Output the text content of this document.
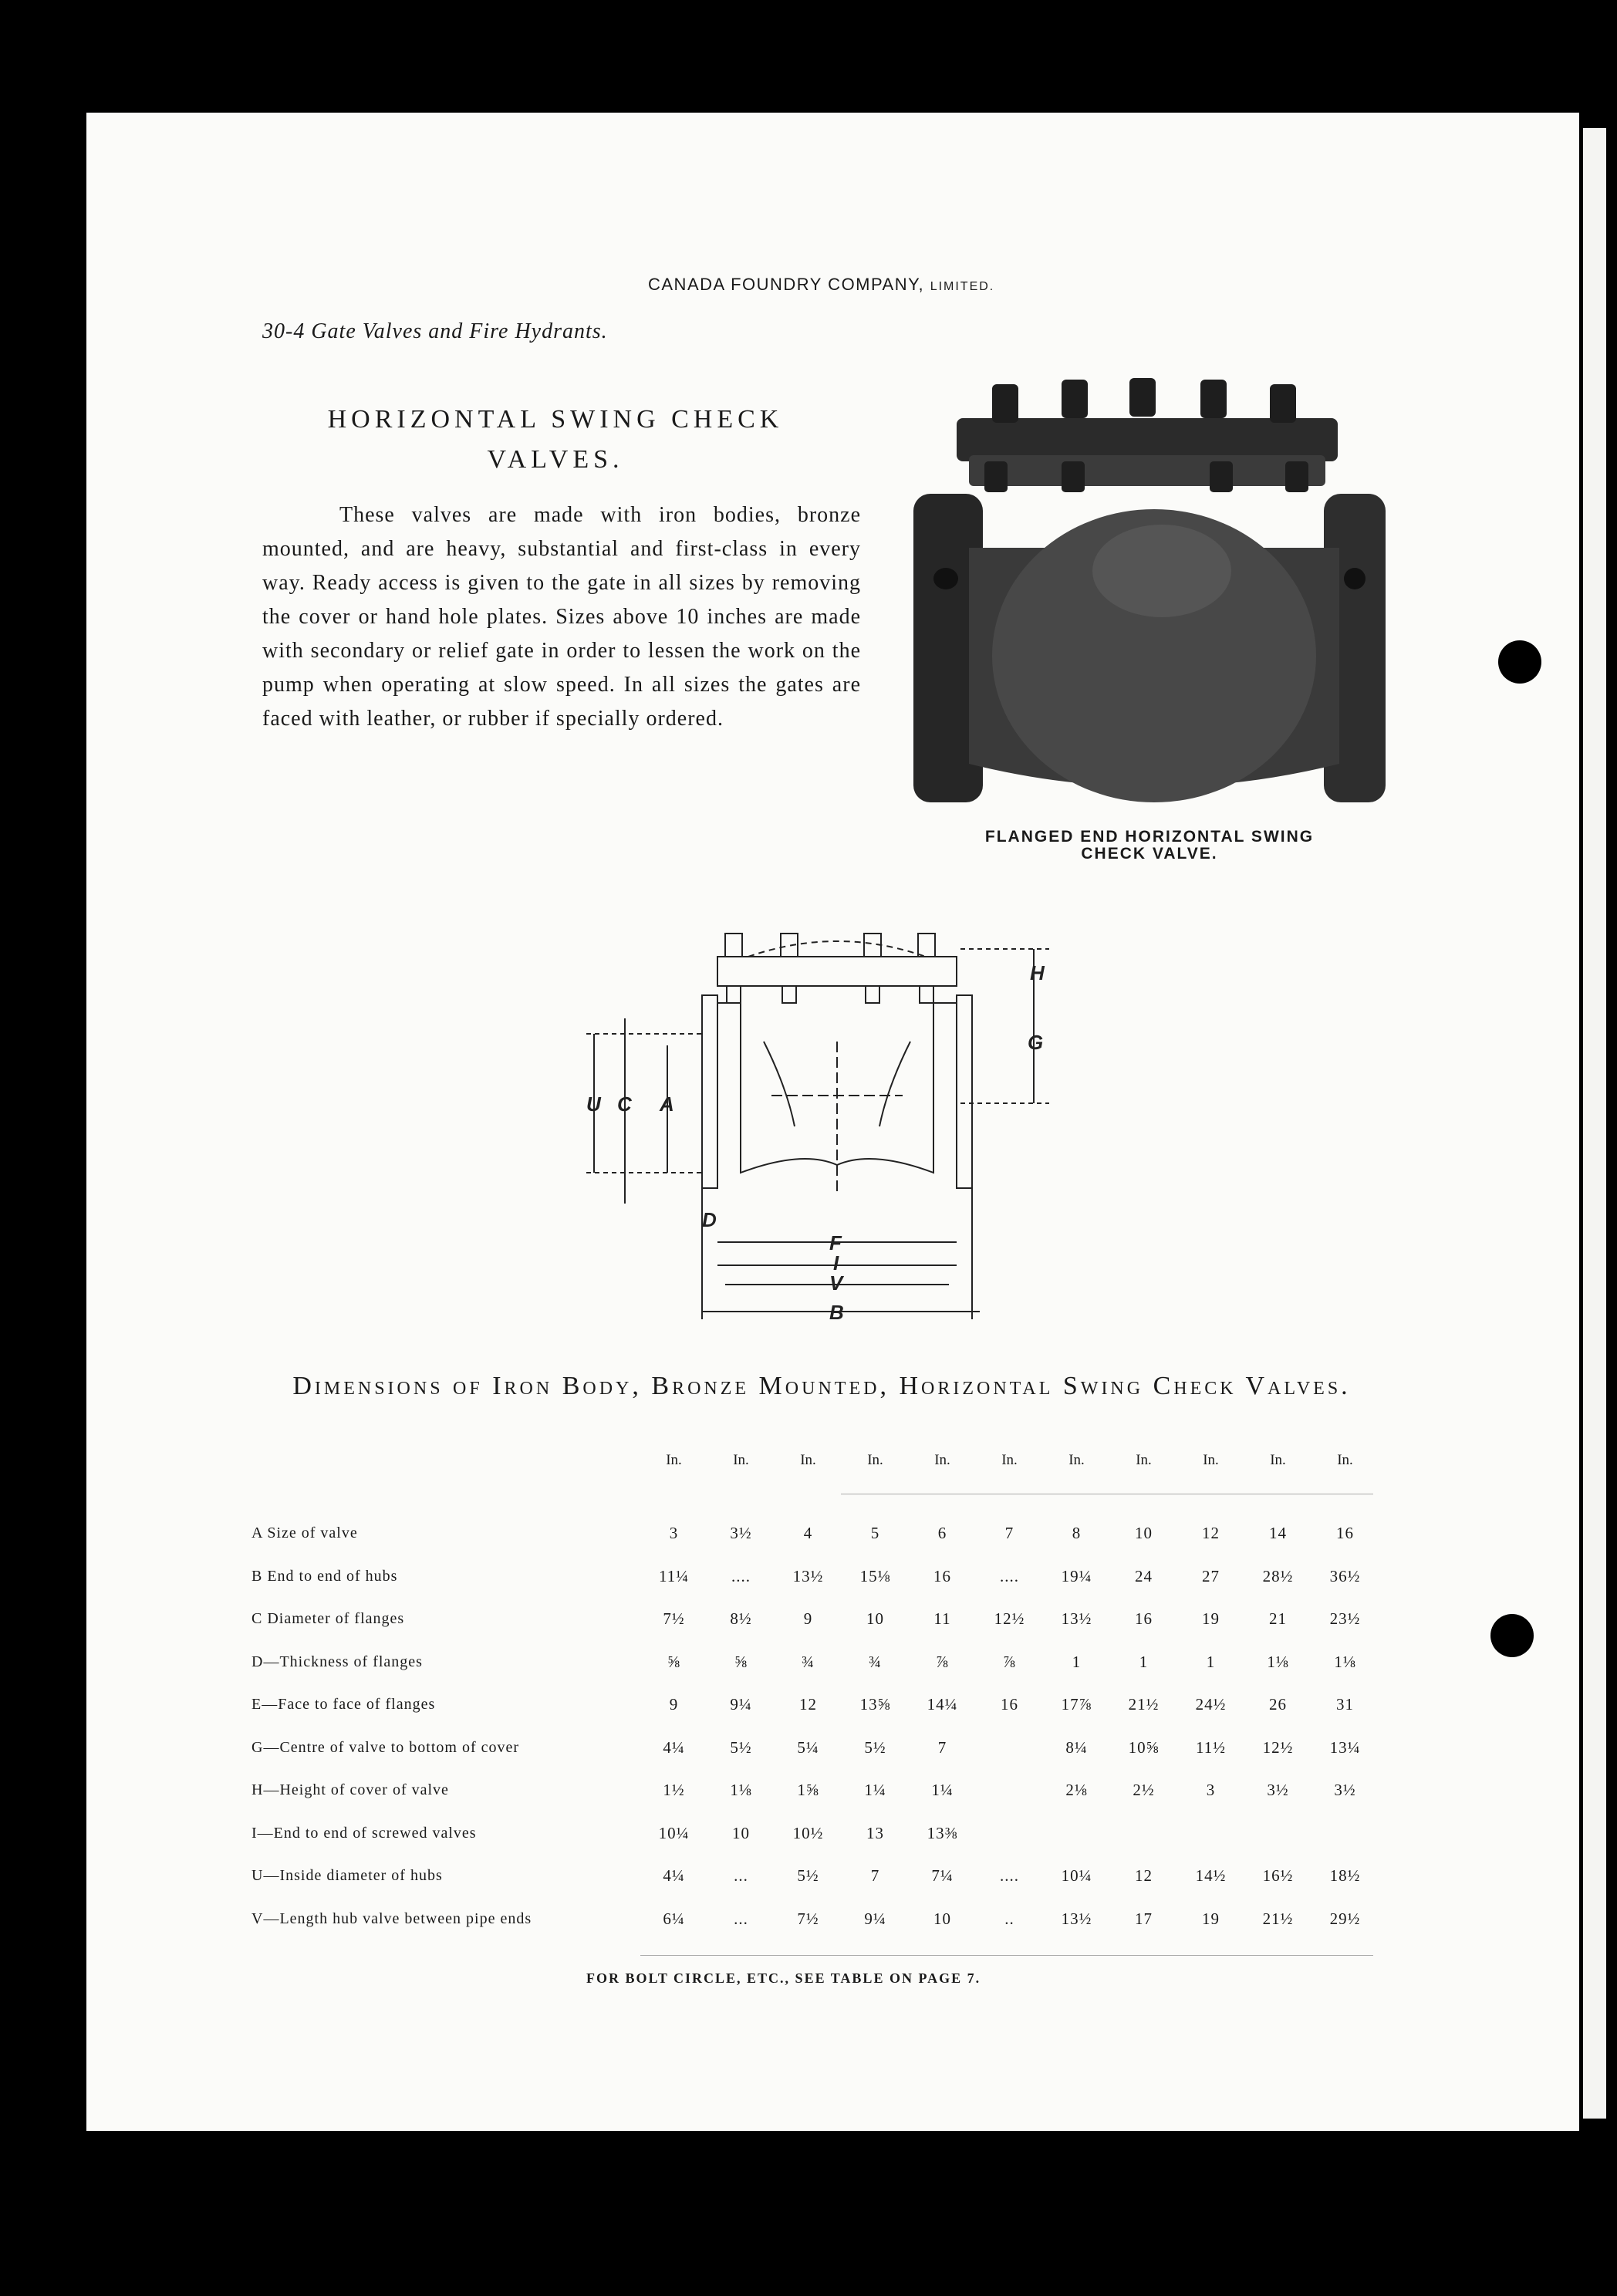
CANADA FOUNDRY COMPANY, LIMITED.
30-4 Gate Valves and Fire Hydrants.
HORIZONTAL SWING CHECK
VALVES.

These valves are made with iron bodies, bronze mounted, and are heavy, substantial and first-class in every way. Ready access is given to the gate in all sizes by removing the cover or hand hole plates. Sizes above 10 inches are made with secondary or relief gate in order to lessen the work on the pump when operating at slow speed. In all sizes the gates are faced with leather, or rubber if specially ordered.

FLANGED END HORIZONTAL SWING
CHECK VALVE.
H
G
U C A
D
F
I
V
B
Dimensions of Iron Body, Bronze Mounted, Horizontal Swing Check Valves.
In.	In.	In.	In.	In.	In.	In.	In.	In.	In.	In.
A Size of valve	3	3½	4	5	6	7	8	10	12	14	16
B End to end of hubs	11¼	....	13½	15⅛	16	....	19¼	24	27	28½	36½
C Diameter of flanges	7½	8½	9	10	11	12½	13½	16	19	21	23½
D—Thickness of flanges	⅝	⅝	¾	¾	⅞	⅞	1	1	1	1⅛	1⅛
E—Face to face of flanges	9	9¼	12	13⅝	14¼	16	17⅞	21½	24½	26	31
G—Centre of valve to bottom of cover	4¼	5½	5¼	5½	7		8¼	10⅝	11½	12½	13¼
H—Height of cover of valve	1½	1⅛	1⅝	1¼	1¼		2⅛	2½	3	3½	3½
I—End to end of screwed valves	10¼	10	10½	13	13⅜						
U—Inside diameter of hubs	4¼	...	5½	7	7¼	....	10¼	12	14½	16½	18½
V—Length hub valve between pipe ends	6¼	...	7½	9¼	10	..	13½	17	19	21½	29½
FOR BOLT CIRCLE, ETC., SEE TABLE ON PAGE 7.
